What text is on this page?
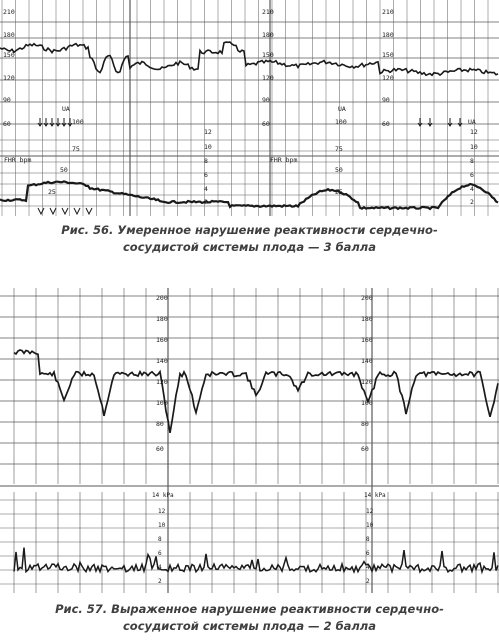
210
180
150
120
90
60
210
180
150
120
90
60
210
180
150
120
90
60
100
75
50
25
100
75
50
25
UA	UA
UA
12	12
10	10
8	8
6	6
4	4
2	2
FHR bpm	FHR bpm
Рис. 56. Умеренное нарушение реактивности сердечно-
сосудистой системы плода — 3 балла
200
180
160
140
120
100
80
60
200
180
160
140
120
100
80
60
14 kPa	14 kPa
12	12
10	10
8	8
6	6
4	4
2	2
Рис. 57. Выраженное нарушение реактивности сердечно-
сосудистой системы плода — 2 балла
